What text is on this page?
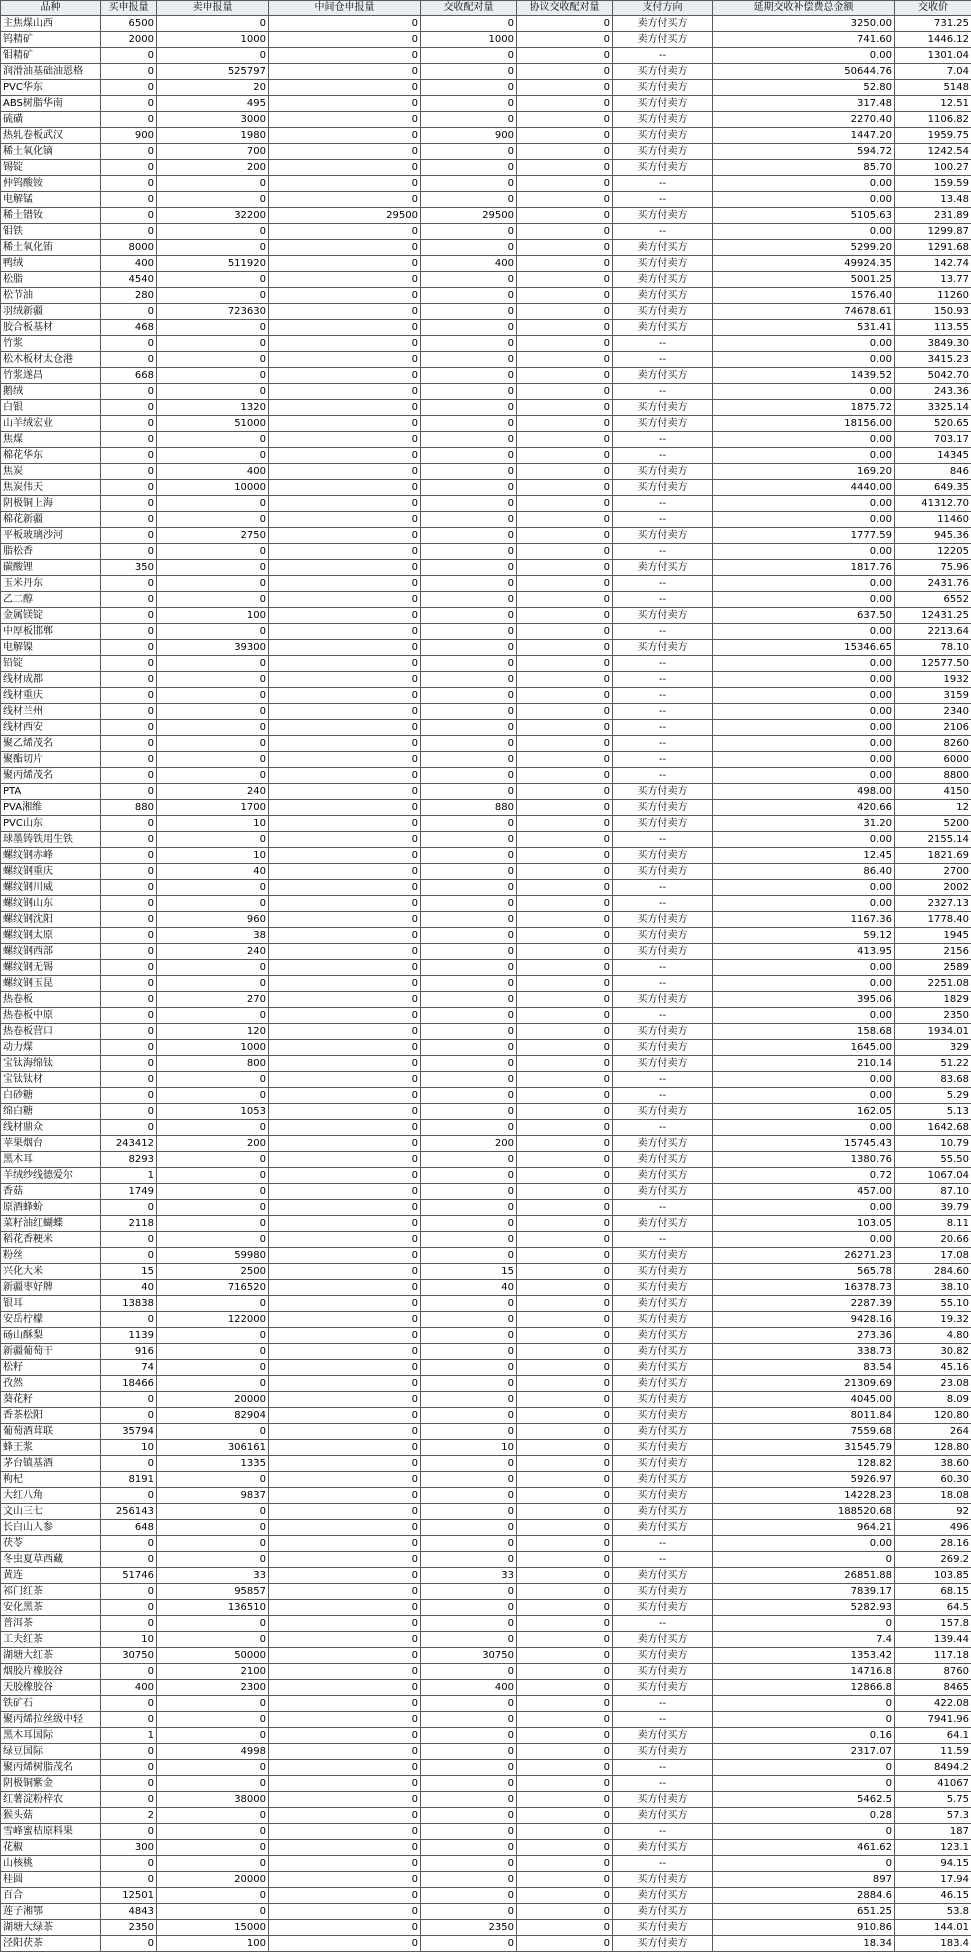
品种	买申报量	卖申报量	中间仓申报量	交收配对量	协议交收配对量	支付方向	延期交收补偿费总金额	交收价
主焦煤山西	6500	0	0	0	0	卖方付买方	3250.00	731.25
钨精矿	2000	1000	0	1000	0	卖方付买方	741.60	1446.12
钼精矿	0	0	0	0	0	--	0.00	1301.04
润滑油基础油恩格	0	525797	0	0	0	买方付卖方	50644.76	7.04
PVC华东	0	20	0	0	0	买方付卖方	52.80	5148
ABS树脂华南	0	495	0	0	0	买方付卖方	317.48	12.51
硫磺	0	3000	0	0	0	买方付卖方	2270.40	1106.82
热轧卷板武汉	900	1980	0	900	0	买方付卖方	1447.20	1959.75
稀土氧化镝	0	700	0	0	0	买方付卖方	594.72	1242.54
锡锭	0	200	0	0	0	买方付卖方	85.70	100.27
仲钨酸铵	0	0	0	0	0	--	0.00	159.59
电解锰	0	0	0	0	0	--	0.00	13.48
稀土镨钕	0	32200	29500	29500	0	买方付卖方	5105.63	231.89
钼铁	0	0	0	0	0	--	0.00	1299.87
稀土氧化铕	8000	0	0	0	0	卖方付买方	5299.20	1291.68
鸭绒	400	511920	0	400	0	买方付卖方	49924.35	142.74
松脂	4540	0	0	0	0	卖方付买方	5001.25	13.77
松节油	280	0	0	0	0	卖方付买方	1576.40	11260
羽绒新疆	0	723630	0	0	0	买方付卖方	74678.61	150.93
胶合板基材	468	0	0	0	0	卖方付买方	531.41	113.55
竹浆	0	0	0	0	0	--	0.00	3849.30
松木板材太仓港	0	0	0	0	0	--	0.00	3415.23
竹浆遂昌	668	0	0	0	0	卖方付买方	1439.52	5042.70
鹅绒	0	0	0	0	0	--	0.00	243.36
白银	0	1320	0	0	0	买方付卖方	1875.72	3325.14
山羊绒宏业	0	51000	0	0	0	买方付卖方	18156.00	520.65
焦煤	0	0	0	0	0	--	0.00	703.17
棉花华东	0	0	0	0	0	--	0.00	14345
焦炭	0	400	0	0	0	买方付卖方	169.20	846
焦炭伟天	0	10000	0	0	0	买方付卖方	4440.00	649.35
阴极铜上海	0	0	0	0	0	--	0.00	41312.70
棉花新疆	0	0	0	0	0	--	0.00	11460
平板玻璃沙河	0	2750	0	0	0	买方付卖方	1777.59	945.36
脂松香	0	0	0	0	0	--	0.00	12205
碳酸锂	350	0	0	0	0	卖方付买方	1817.76	75.96
玉米丹东	0	0	0	0	0	--	0.00	2431.76
乙二醇	0	0	0	0	0	--	0.00	6552
金属镁锭	0	100	0	0	0	买方付卖方	637.50	12431.25
中厚板邯郸	0	0	0	0	0	--	0.00	2213.64
电解镍	0	39300	0	0	0	买方付卖方	15346.65	78.10
铅锭	0	0	0	0	0	--	0.00	12577.50
线材成都	0	0	0	0	0	--	0.00	1932
线材重庆	0	0	0	0	0	--	0.00	3159
线材兰州	0	0	0	0	0	--	0.00	2340
线材西安	0	0	0	0	0	--	0.00	2106
聚乙烯茂名	0	0	0	0	0	--	0.00	8260
聚酯切片	0	0	0	0	0	--	0.00	6000
聚丙烯茂名	0	0	0	0	0	--	0.00	8800
PTA	0	240	0	0	0	买方付卖方	498.00	4150
PVA湘维	880	1700	0	880	0	买方付卖方	420.66	12
PVC山东	0	10	0	0	0	买方付卖方	31.20	5200
球墨铸铁用生铁	0	0	0	0	0	--	0.00	2155.14
螺纹钢赤峰	0	10	0	0	0	买方付卖方	12.45	1821.69
螺纹钢重庆	0	40	0	0	0	买方付卖方	86.40	2700
螺纹钢川威	0	0	0	0	0	--	0.00	2002
螺纹钢山东	0	0	0	0	0	--	0.00	2327.13
螺纹钢沈阳	0	960	0	0	0	买方付卖方	1167.36	1778.40
螺纹钢太原	0	38	0	0	0	买方付卖方	59.12	1945
螺纹钢西部	0	240	0	0	0	买方付卖方	413.95	2156
螺纹钢无锡	0	0	0	0	0	--	0.00	2589
螺纹钢玉昆	0	0	0	0	0	--	0.00	2251.08
热卷板	0	270	0	0	0	买方付卖方	395.06	1829
热卷板中原	0	0	0	0	0	--	0.00	2350
热卷板营口	0	120	0	0	0	买方付卖方	158.68	1934.01
动力煤	0	1000	0	0	0	买方付卖方	1645.00	329
宝钛海绵钛	0	800	0	0	0	买方付卖方	210.14	51.22
宝钛钛材	0	0	0	0	0	--	0.00	83.68
白砂糖	0	0	0	0	0	--	0.00	5.29
绵白糖	0	1053	0	0	0	买方付卖方	162.05	5.13
线材鼎众	0	0	0	0	0	--	0.00	1642.68
苹果烟台	243412	200	0	200	0	卖方付买方	15745.43	10.79
黑木耳	8293	0	0	0	0	卖方付买方	1380.76	55.50
羊绒纱线德爱尔	1	0	0	0	0	卖方付买方	0.72	1067.04
香菇	1749	0	0	0	0	卖方付买方	457.00	87.10
原酒蜂蚧	0	0	0	0	0	--	0.00	39.79
菜籽油红蝴蝶	2118	0	0	0	0	卖方付买方	103.05	8.11
稻花香粳米	0	0	0	0	0	--	0.00	20.66
粉丝	0	59980	0	0	0	买方付卖方	26271.23	17.08
兴化大米	15	2500	0	15	0	买方付卖方	565.78	284.60
新疆枣好牌	40	716520	0	40	0	买方付卖方	16378.73	38.10
银耳	13838	0	0	0	0	卖方付买方	2287.39	55.10
安岳柠檬	0	122000	0	0	0	买方付卖方	9428.16	19.32
砀山酥梨	1139	0	0	0	0	卖方付买方	273.36	4.80
新疆葡萄干	916	0	0	0	0	卖方付买方	338.73	30.82
松籽	74	0	0	0	0	卖方付买方	83.54	45.16
孜然	18466	0	0	0	0	卖方付买方	21309.69	23.08
葵花籽	0	20000	0	0	0	买方付卖方	4045.00	8.09
香茶松阳	0	82904	0	0	0	买方付卖方	8011.84	120.80
葡萄酒茸联	35794	0	0	0	0	卖方付买方	7559.68	264
蜂王浆	10	306161	0	10	0	买方付卖方	31545.79	128.80
茅台镇基酒	0	1335	0	0	0	买方付卖方	128.82	38.60
枸杞	8191	0	0	0	0	卖方付买方	5926.97	60.30
大红八角	0	9837	0	0	0	买方付卖方	14228.23	18.08
文山三七	256143	0	0	0	0	卖方付买方	188520.68	92
长白山人参	648	0	0	0	0	卖方付买方	964.21	496
茯苓	0	0	0	0	0	--	0.00	28.16
冬虫夏草西藏	0	0	0	0	0	--	0	269.2
黄连	51746	33	0	33	0	卖方付买方	26851.88	103.85
祁门红茶	0	95857	0	0	0	买方付卖方	7839.17	68.15
安化黑茶	0	136510	0	0	0	买方付卖方	5282.93	64.5
普洱茶	0	0	0	0	0	--	0	157.8
工夫红茶	10	0	0	0	0	卖方付买方	7.4	139.44
湖塘大红茶	30750	50000	0	30750	0	买方付卖方	1353.42	117.18
烟胶片橡胶谷	0	2100	0	0	0	买方付卖方	14716.8	8760
天胶橡胶谷	400	2300	0	400	0	买方付卖方	12866.8	8465
铁矿石	0	0	0	0	0	--	0	422.08
聚丙烯拉丝级中轻	0	0	0	0	0	--	0	7941.96
黑木耳国际	1	0	0	0	0	卖方付买方	0.16	64.1
绿豆国际	0	4998	0	0	0	买方付卖方	2317.07	11.59
聚丙烯树脂茂名	0	0	0	0	0	--	0	8494.2
阴极铜紫金	0	0	0	0	0	--	0	41067
红薯淀粉梓农	0	38000	0	0	0	买方付卖方	5462.5	5.75
猴头菇	2	0	0	0	0	卖方付买方	0.28	57.3
雪峰蜜桔原料果	0	0	0	0	0	--	0	187
花椒	300	0	0	0	0	卖方付买方	461.62	123.1
山核桃	0	0	0	0	0	--	0	94.15
桂圆	0	20000	0	0	0	买方付卖方	897	17.94
百合	12501	0	0	0	0	卖方付买方	2884.6	46.15
莲子湘鄂	4843	0	0	0	0	卖方付买方	651.25	53.8
湖塘大绿茶	2350	15000	0	2350	0	买方付卖方	910.86	144.01
泾阳茯茶	0	100	0	0	0	买方付卖方	18.34	183.4
